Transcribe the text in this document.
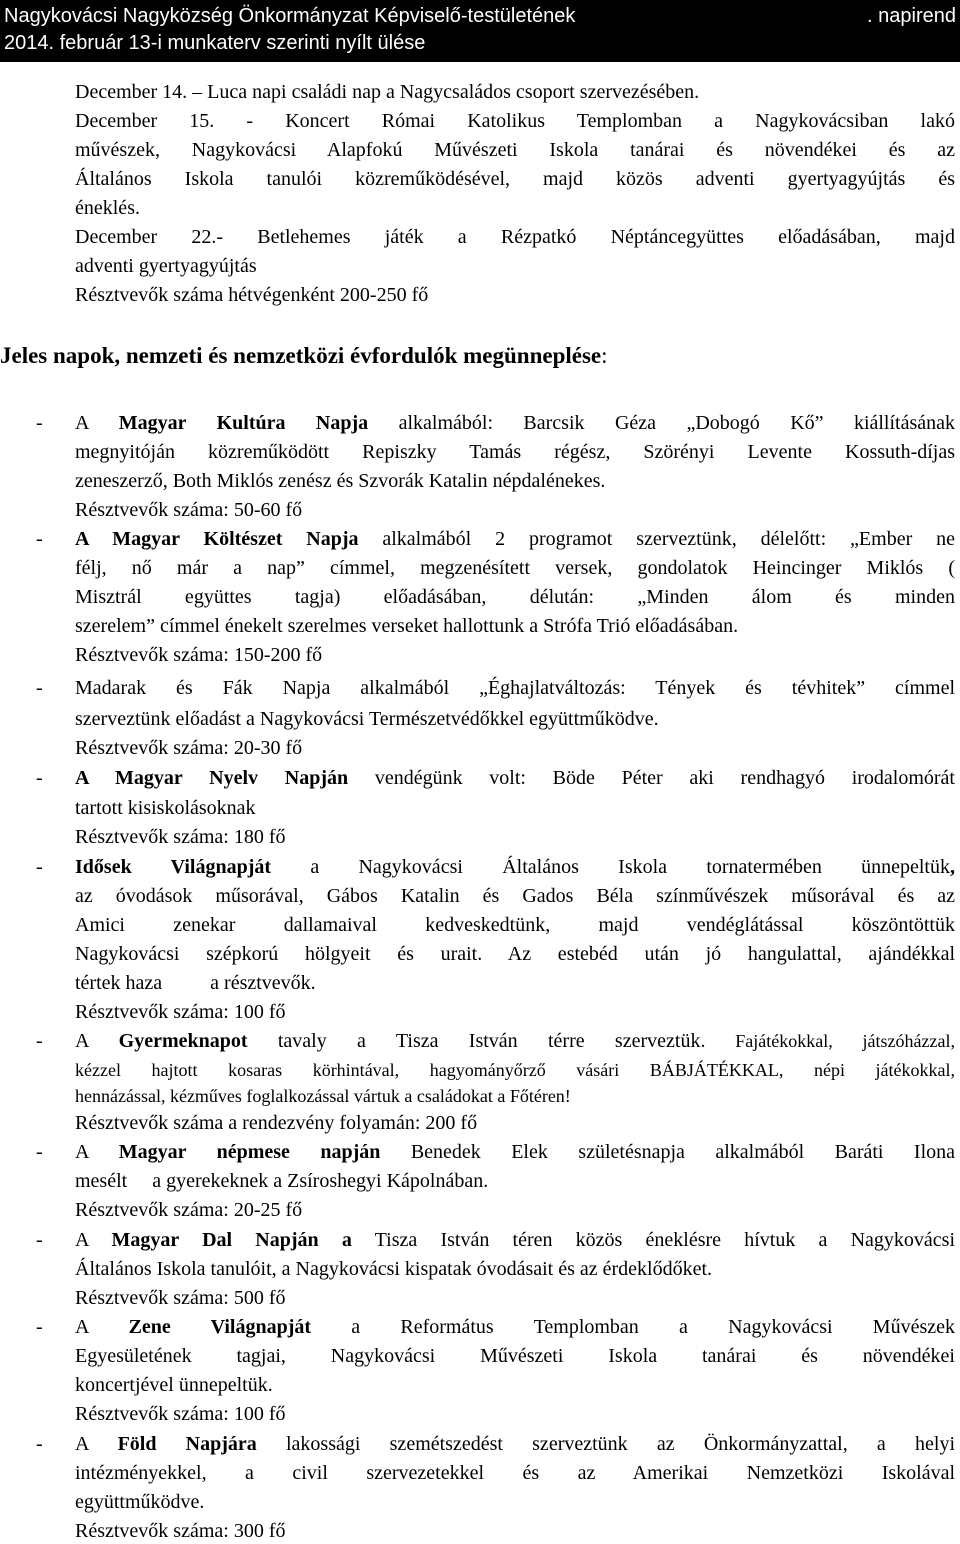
Nagykovácsi Nagyközség Önkormányzat Képviselő-testületének	. napirend
2014. február 13-i munkaterv szerinti nyílt ülése
December 14. – Luca napi családi nap a Nagycsaládos csoport szervezésében.
December 15. - Koncert Római Katolikus Templomban a Nagykovácsiban lakó
művészek, Nagykovácsi Alapfokú Művészeti Iskola tanárai és növendékei és az
Általános Iskola tanulói közreműködésével, majd közös adventi gyertyagyújtás és
éneklés.
December 22.- Betlehemes játék a Rézpatkó Néptáncegyüttes előadásában, majd
adventi gyertyagyújtás
Résztvevők száma hétvégenként 200-250 fő
Jeles napok, nemzeti és nemzetközi évfordulók megünneplése:
- A Magyar Kultúra Napja alkalmából: Barcsik Géza „Dobogó Kő” kiállításának
megnyitóján közreműködött Repiszky Tamás régész, Szörényi Levente Kossuth-díjas
zeneszerző, Both Miklós zenész és Szvorák Katalin népdalénekes.
Résztvevők száma: 50-60 fő
- A Magyar Költészet Napja alkalmából 2 programot szerveztünk, délelőtt: „Ember ne
félj, nő már a nap” címmel, megzenésített versek, gondolatok Heincinger Miklós (
Misztrál együttes tagja) előadásában, délután: „Minden álom és minden
szerelem” címmel énekelt szerelmes verseket hallottunk a Strófa Trió előadásában.
Résztvevők száma: 150-200 fő
- Madarak és Fák Napja alkalmából „Éghajlatváltozás: Tények és tévhitek” címmel
szerveztünk előadást a Nagykovácsi Természetvédőkkel együttműködve.
Résztvevők száma: 20-30 fő
- A Magyar Nyelv Napján vendégünk volt: Böde Péter aki rendhagyó irodalomórát
tartott kisiskolásoknak
Résztvevők száma: 180 fő
- Idősek Világnapját a Nagykovácsi Általános Iskola tornatermében ünnepeltük,
az óvodások műsorával, Gábos Katalin és Gados Béla színművészek műsorával és az
Amici zenekar dallamaival kedveskedtünk, majd vendéglátással köszöntöttük
Nagykovácsi szépkorú hölgyeit és urait. Az estebéd után jó hangulattal, ajándékkal
tértek haza a résztvevők.
Résztvevők száma: 100 fő
- A Gyermeknapot tavaly a Tisza István térre szerveztük. Fajátékokkal, játszóházzal,
kézzel hajtott kosaras körhintával, hagyományőrző vásári BÁBJÁTÉKKAL, népi játékokkal,
hennázással, kézműves foglalkozással vártuk a családokat a Főtéren!
Résztvevők száma a rendezvény folyamán: 200 fő
- A Magyar népmese napján Benedek Elek születésnapja alkalmából Baráti Ilona
mesélt     a gyerekeknek a Zsíroshegyi Kápolnában.
Résztvevők száma: 20-25 fő
- A Magyar Dal Napján a Tisza István téren közös éneklésre hívtuk a Nagykovácsi
Általános Iskola tanulóit, a Nagykovácsi kispatak óvodásait és az érdeklődőket.
Résztvevők száma: 500 fő
- A Zene Világnapját a Református Templomban a Nagykovácsi Művészek
Egyesületének tagjai, Nagykovácsi Művészeti Iskola tanárai és növendékei
koncertjével ünnepeltük.
Résztvevők száma: 100 fő
- A Föld Napjára lakossági szemétszedést szerveztünk az Önkormányzattal, a helyi
intézményekkel, a civil szervezetekkel és az Amerikai Nemzetközi Iskolával
együttműködve.
Résztvevők száma: 300 fő
